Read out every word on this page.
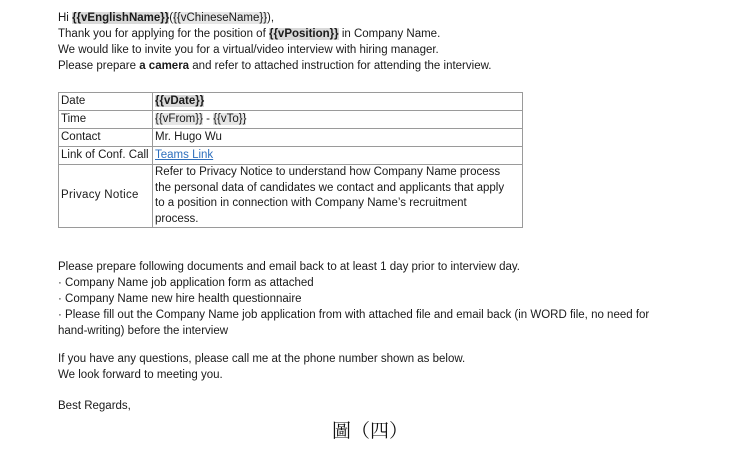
Hi {{vEnglishName}}({{vChineseName}}),
Thank you for applying for the position of {{vPosition}} in Company Name.
We would like to invite you for a virtual/video interview with hiring manager.
Please prepare a camera and refer to attached instruction for attending the interview.
Date	{{vDate}}
Time	{{vFrom}} - {{vTo}}
Contact	Mr. Hugo Wu
Link of Conf. Call	Teams Link
Privacy Notice	Refer to Privacy Notice to understand how Company Name process
the personal data of candidates we contact and applicants that apply
to a position in connection with Company Name’s recruitment
process.
Please prepare following documents and email back to at least 1 day prior to interview day.
· Company Name job application form as attached
· Company Name new hire health questionnaire
· Please fill out the Company Name job application from with attached file and email back (in WORD file, no need for hand-writing) before the interview
If you have any questions, please call me at the phone number shown as below.
We look forward to meeting you.
Best Regards,
圖（四）
